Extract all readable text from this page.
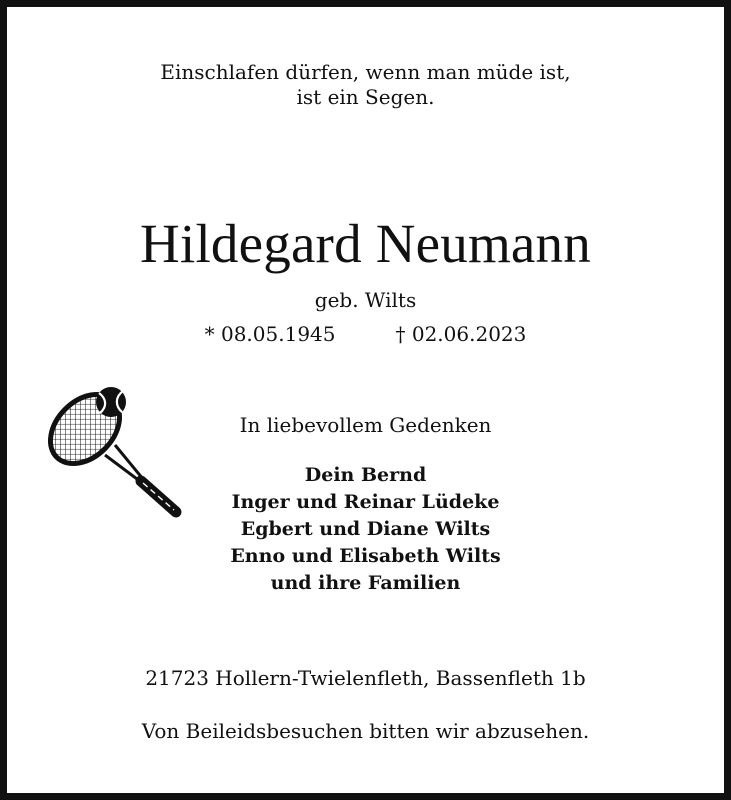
Einschlafen dürfen, wenn man müde ist,
ist ein Segen.
Hildegard Neumann
geb. Wilts
* 08.05.1945	† 02.06.2023
In liebevollem Gedenken
Dein Bernd
Inger und Reinar Lüdeke
Egbert und Diane Wilts
Enno und Elisabeth Wilts
und ihre Familien
21723 Hollern-Twielenfleth, Bassenfleth 1b
Von Beileidsbesuchen bitten wir abzusehen.
